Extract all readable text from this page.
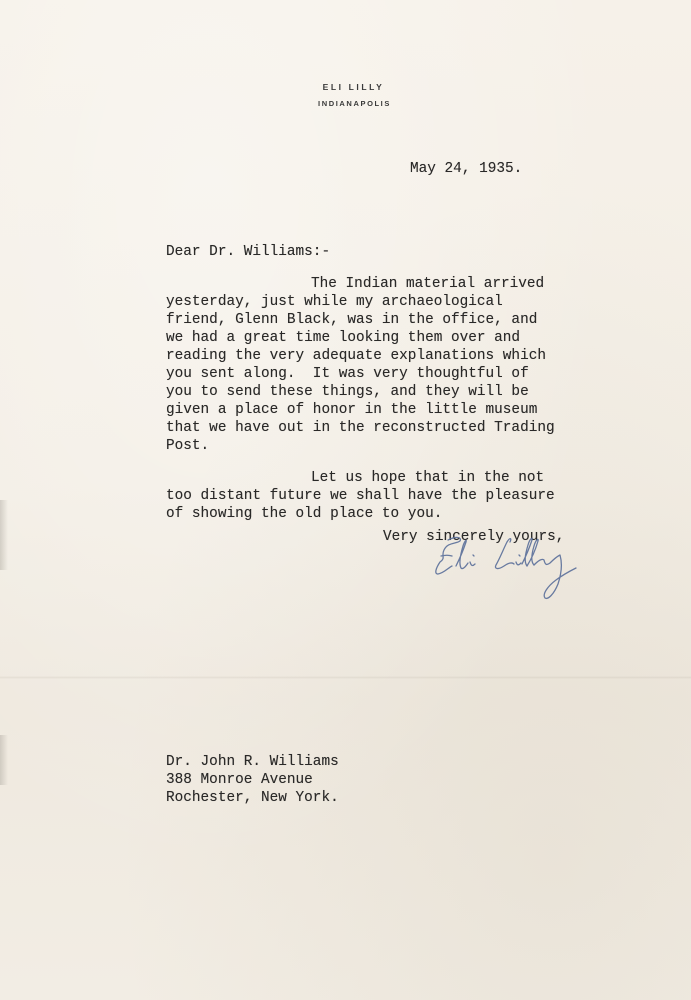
ELI LILLY
INDIANAPOLIS
May 24, 1935.
Dear Dr. Williams:-
The Indian material arrived
yesterday, just while my archaeological
friend, Glenn Black, was in the office, and
we had a great time looking them over and
reading the very adequate explanations which
you sent along.  It was very thoughtful of
you to send these things, and they will be
given a place of honor in the little museum
that we have out in the reconstructed Trading
Post.
Let us hope that in the not
too distant future we shall have the pleasure
of showing the old place to you.
Very sincerely yours,
Dr. John R. Williams
388 Monroe Avenue
Rochester, New York.
